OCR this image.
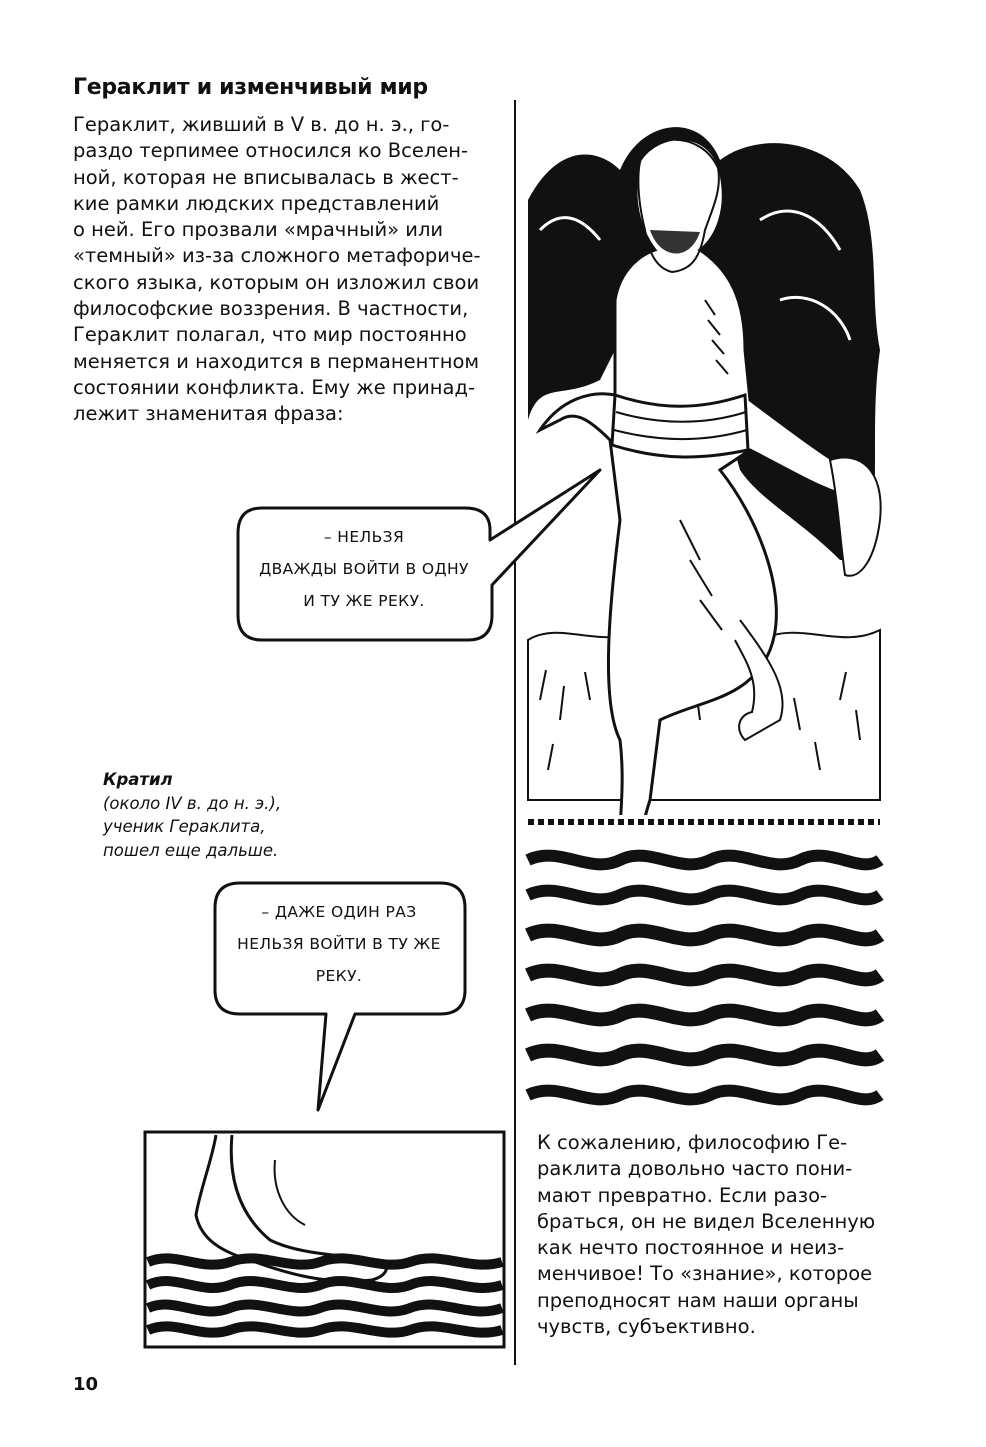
Гераклит и изменчивый мир
Гераклит, живший в V в. до н. э., го-
раздо терпимее относился ко Вселен-
ной, которая не вписывалась в жест-
кие рамки людских представлений
о ней. Его прозвали «мрачный» или
«темный» из-за сложного метафориче-
ского языка, которым он изложил свои
философские воззрения. В частности,
Гераклит полагал, что мир постоянно
меняется и находится в перманентном
состоянии конфликта. Ему же принад-
лежит знаменитая фраза:
– НЕЛЬЗЯ
ДВАЖДЫ ВОЙТИ В ОДНУ
И ТУ ЖЕ РЕКУ.
Кратил
(около IV в. до н. э.),
ученик Гераклита,
пошел еще дальше.
– ДАЖЕ ОДИН РАЗ
НЕЛЬЗЯ ВОЙТИ В ТУ ЖЕ
РЕКУ.
К сожалению, философию Ге-
раклита довольно часто пони-
мают превратно. Если разо-
браться, он не видел Вселенную
как нечто постоянное и неиз-
менчивое! То «знание», которое
преподносят нам наши органы
чувств, субъективно.
10
